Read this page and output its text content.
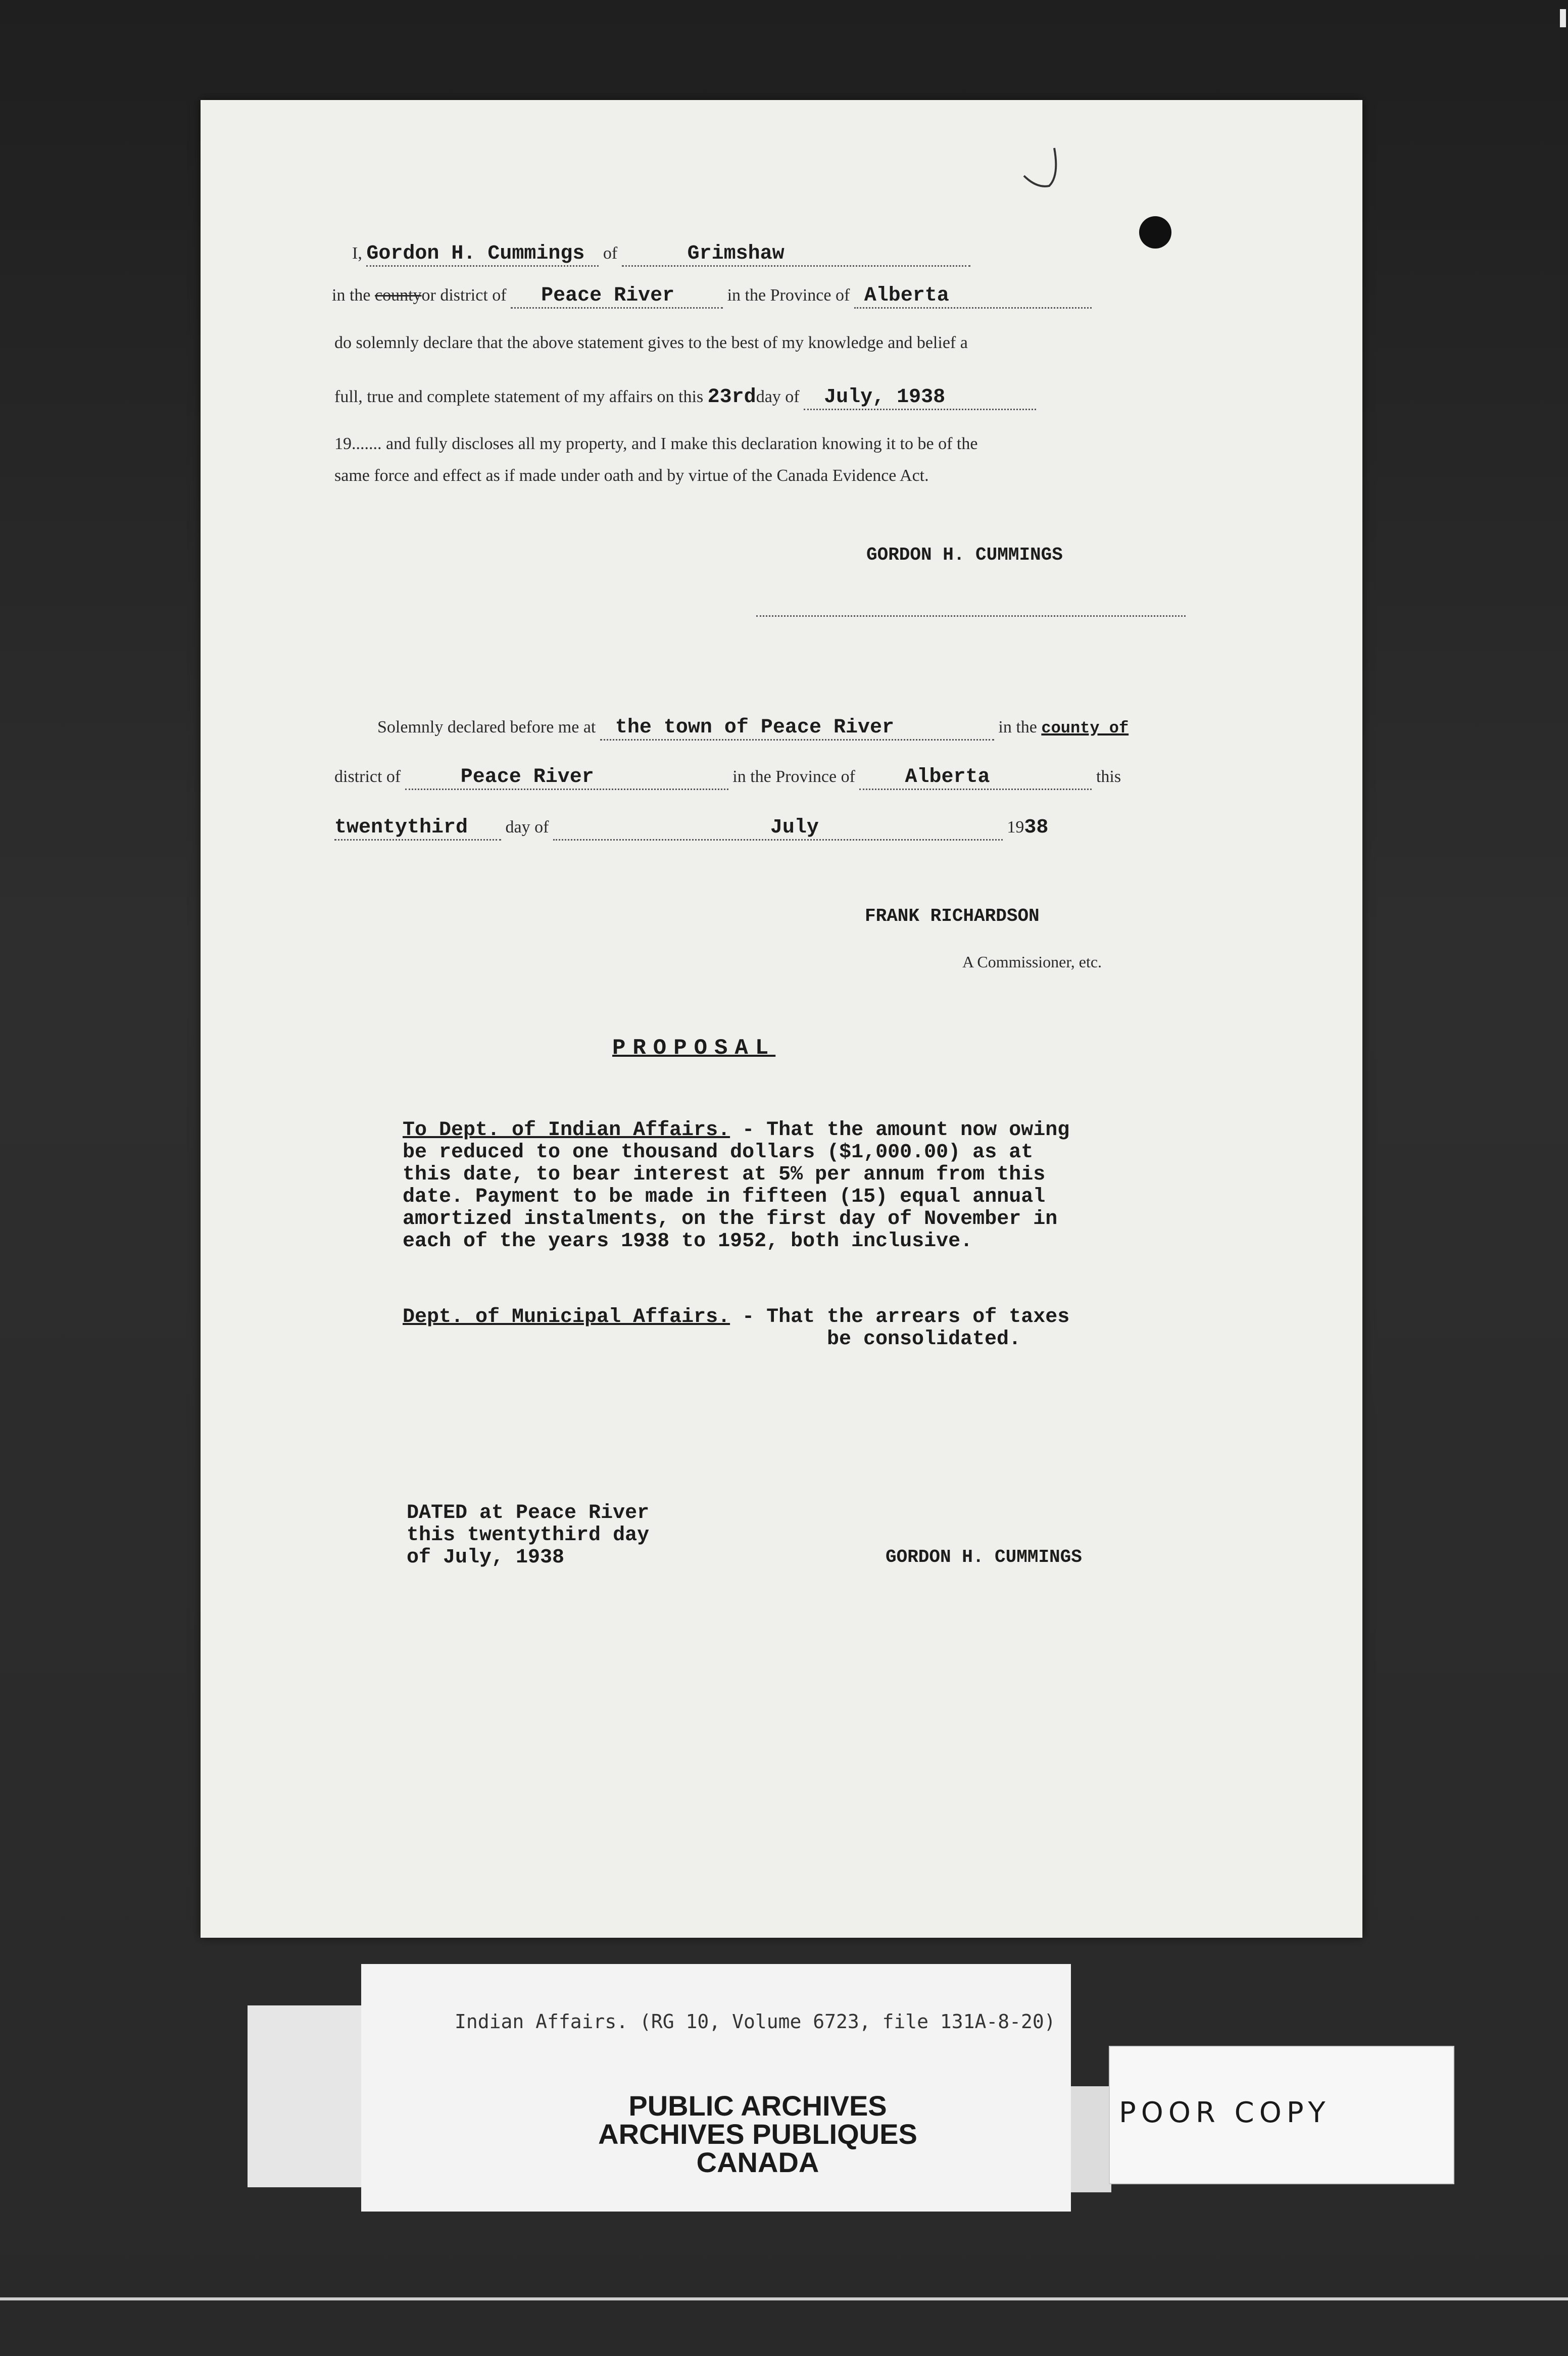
I, Gordon H. Cummings of	Grimshaw
in the countyor district of Peace River	in the Province of Alberta
do solemnly declare that the above statement gives to the best of my knowledge and belief a
full, true and complete statement of my affairs on this 23rdday of July, 1938
19....... and fully discloses all my property, and I make this declaration knowing it to be of the
same force and effect as if made under oath and by virtue of the Canada Evidence Act.
GORDON H. CUMMINGS
Solemnly declared before me at the town of Peace River	in the county of
district of	Peace River	in the Province of Alberta	this
twentythird day of	July	1938
FRANK RICHARDSON
A Commissioner, etc.
PROPOSAL
To Dept. of Indian Affairs. - That the amount now owing
be reduced to one thousand dollars ($1,000.00) as at
this date, to bear interest at 5% per annum from this
date. Payment to be made in fifteen (15) equal annual
amortized instalments, on the first day of November in
each of the years 1938 to 1952, both inclusive.
Dept. of Municipal Affairs. - That the arrears of taxes
be consolidated.
DATED at Peace River
this twentythird day
of July, 1938	GORDON H. CUMMINGS
Indian Affairs. (RG 10, Volume 6723, file 131A-8-20)
PUBLIC ARCHIVES
ARCHIVES PUBLIQUES
CANADA
POOR COPY
